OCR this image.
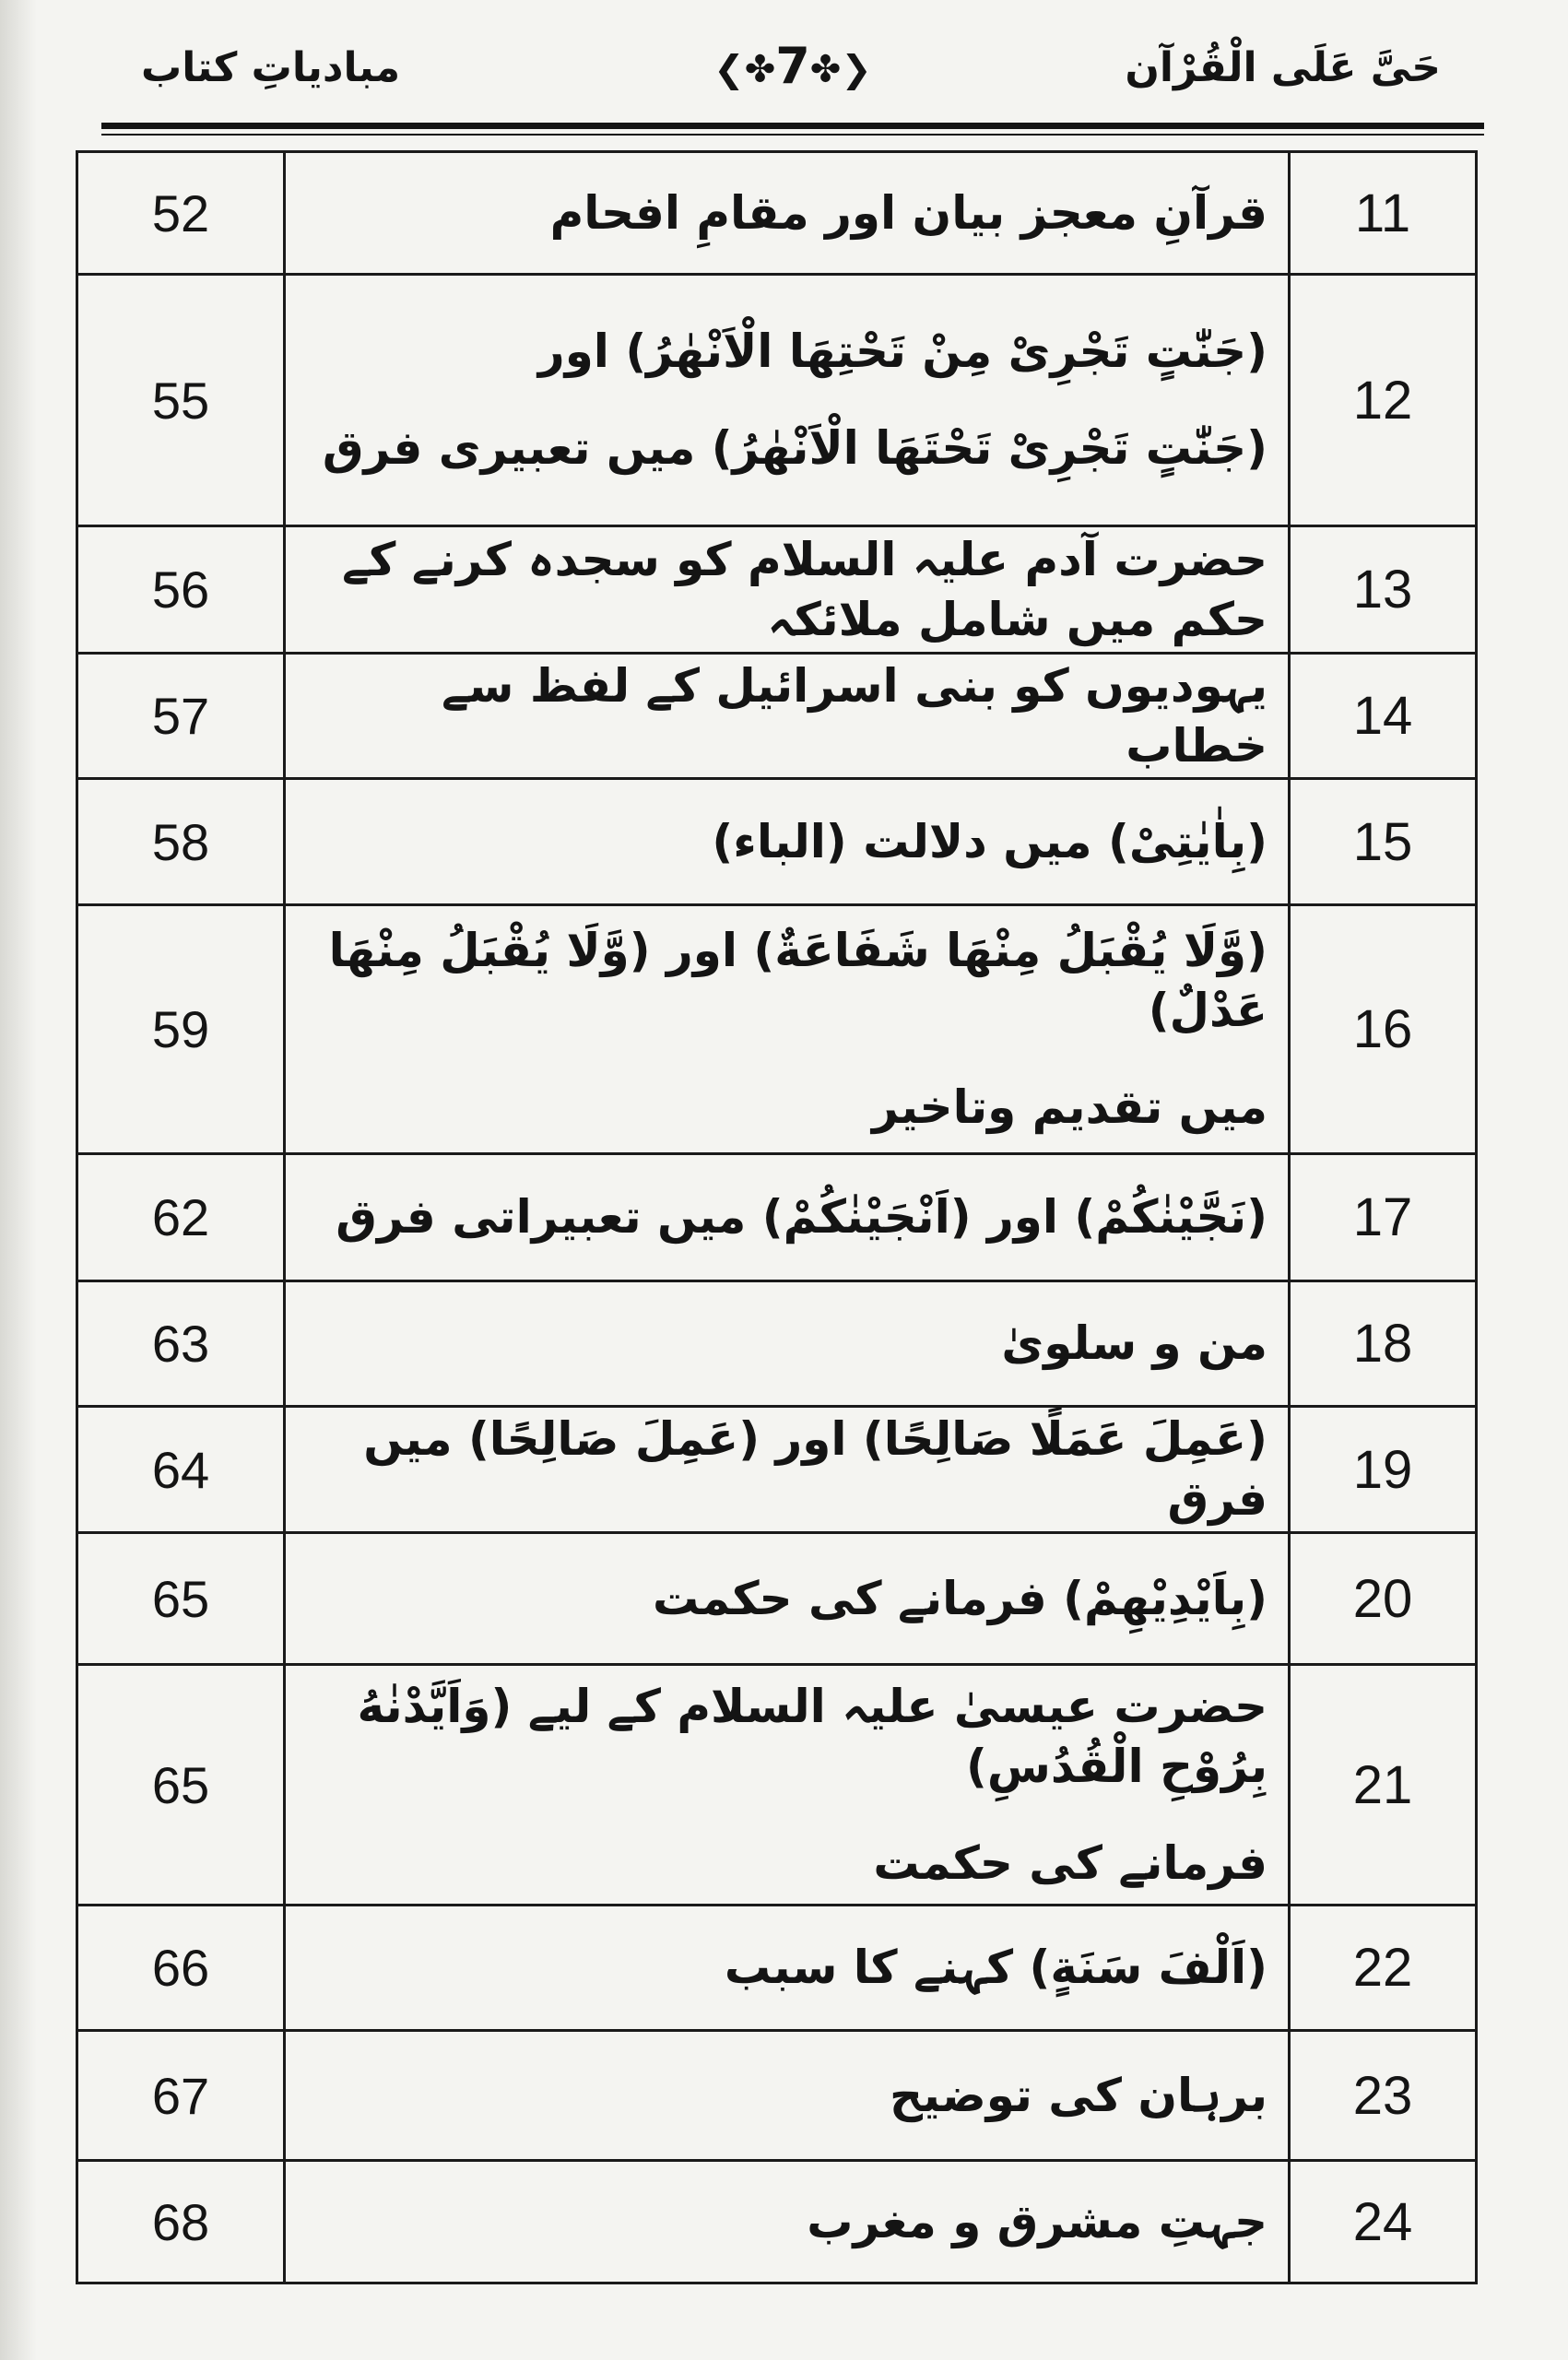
مبادیاتِ کتاب	❮✤7✤❯	حَیَّ عَلَی الْقُرْآن
52	قرآنِ معجز بیان اور مقامِ افحام	11
55	(جَنّٰتٍ تَجْرِیْ مِنْ تَحْتِهَا الْاَنْهٰرُ) اور
(جَنّٰتٍ تَجْرِیْ تَحْتَهَا الْاَنْهٰرُ) میں تعبیری فرق	12
56	حضرت آدم علیہ السلام کو سجدہ کرنے کے حکم میں شامل ملائکہ	13
57	یہودیوں کو بنی اسرائیل کے لفظ سے خطاب	14
58	(بِاٰیٰتِیْ) میں دلالت (الباء)	15
59	(وَّلَا یُقْبَلُ مِنْهَا شَفَاعَةٌ) اور (وَّلَا یُقْبَلُ مِنْهَا عَدْلٌ)
میں تقدیم وتاخیر	16
62	(نَجَّیْنٰكُمْ) اور (اَنْجَیْنٰكُمْ) میں تعبیراتی فرق	17
63	من و سلویٰ	18
64	(عَمِلَ عَمَلًا صَالِحًا) اور (عَمِلَ صَالِحًا) میں فرق	19
65	(بِاَیْدِیْهِمْ) فرمانے کی حکمت	20
65	حضرت عیسیٰ علیہ السلام کے لیے (وَاَیَّدْنٰهُ بِرُوْحِ الْقُدُسِ)
فرمانے کی حکمت	21
66	(اَلْفَ سَنَةٍ) کہنے کا سبب	22
67	برہان کی توضیح	23
68	جہتِ مشرق و مغرب	24
